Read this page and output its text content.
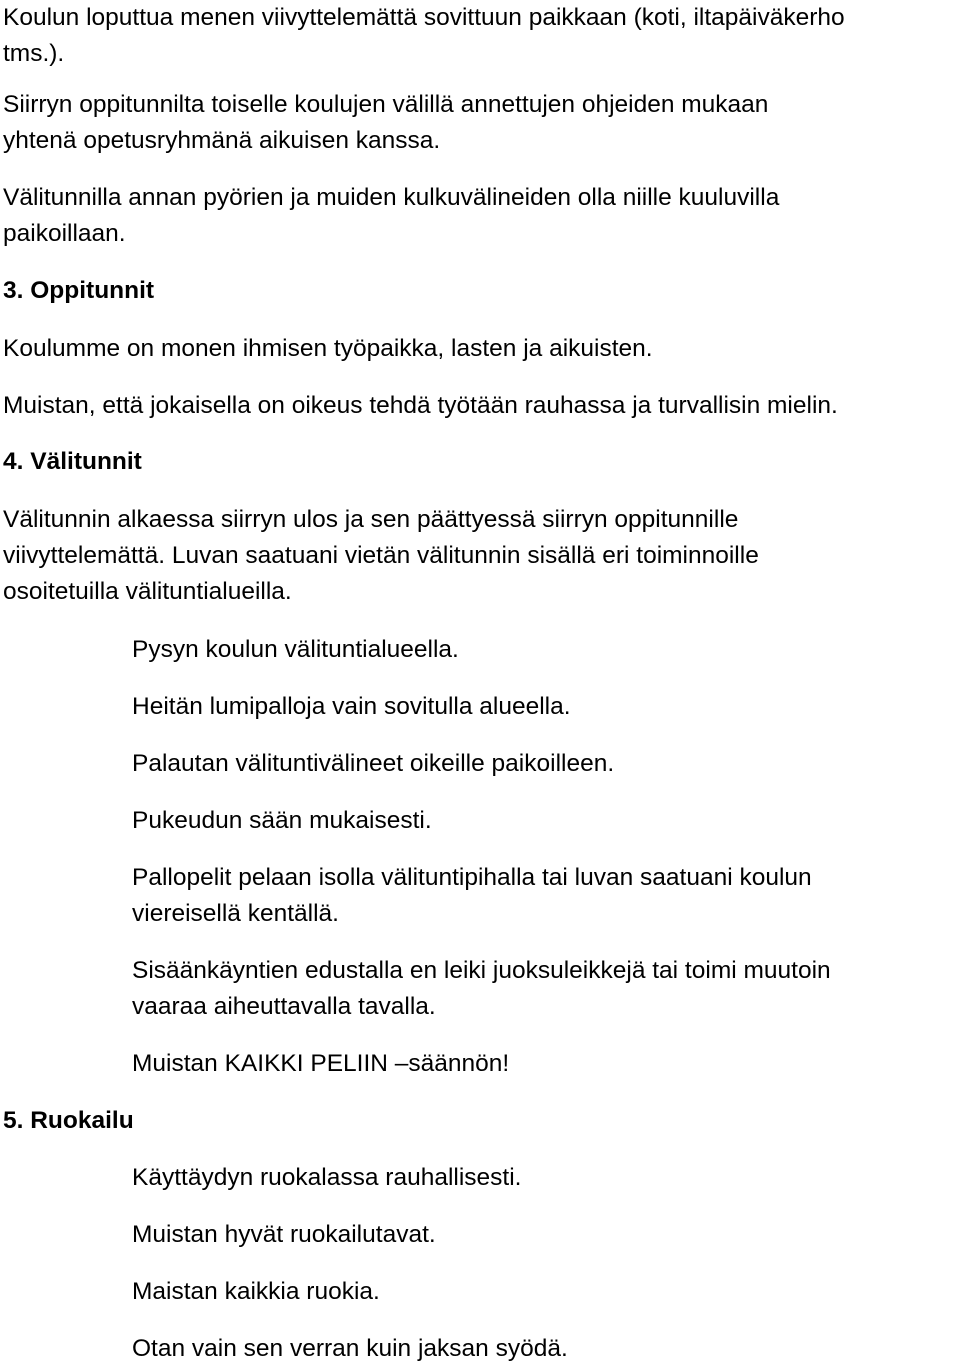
Koulun loputtua menen viivyttelemättä sovittuun paikkaan (koti, iltapäiväkerho

tms.).

Siirryn oppitunnilta toiselle koulujen välillä annettujen ohjeiden mukaan

yhtenä opetusryhmänä aikuisen kanssa.

Välitunnilla annan pyörien ja muiden kulkuvälineiden olla niille kuuluvilla

paikoillaan.

3. Oppitunnit

Koulumme on monen ihmisen työpaikka, lasten ja aikuisten.

Muistan, että jokaisella on oikeus tehdä työtään rauhassa ja turvallisin mielin.

4. Välitunnit

Välitunnin alkaessa siirryn ulos ja sen päättyessä siirryn oppitunnille

viivyttelemättä. Luvan saatuani vietän välitunnin sisällä eri toiminnoille

osoitetuilla välituntialueilla.

Pysyn koulun välituntialueella.

Heitän lumipalloja vain sovitulla alueella.

Palautan välituntivälineet oikeille paikoilleen.

Pukeudun sään mukaisesti.

Pallopelit pelaan isolla välituntipihalla tai luvan saatuani koulun

viereisellä kentällä.

Sisäänkäyntien edustalla en leiki juoksuleikkejä tai toimi muutoin

vaaraa aiheuttavalla tavalla.

Muistan KAIKKI PELIIN –säännön!

5. Ruokailu

Käyttäydyn ruokalassa rauhallisesti.

Muistan hyvät ruokailutavat.

Maistan kaikkia ruokia.

Otan vain sen verran kuin jaksan syödä.
